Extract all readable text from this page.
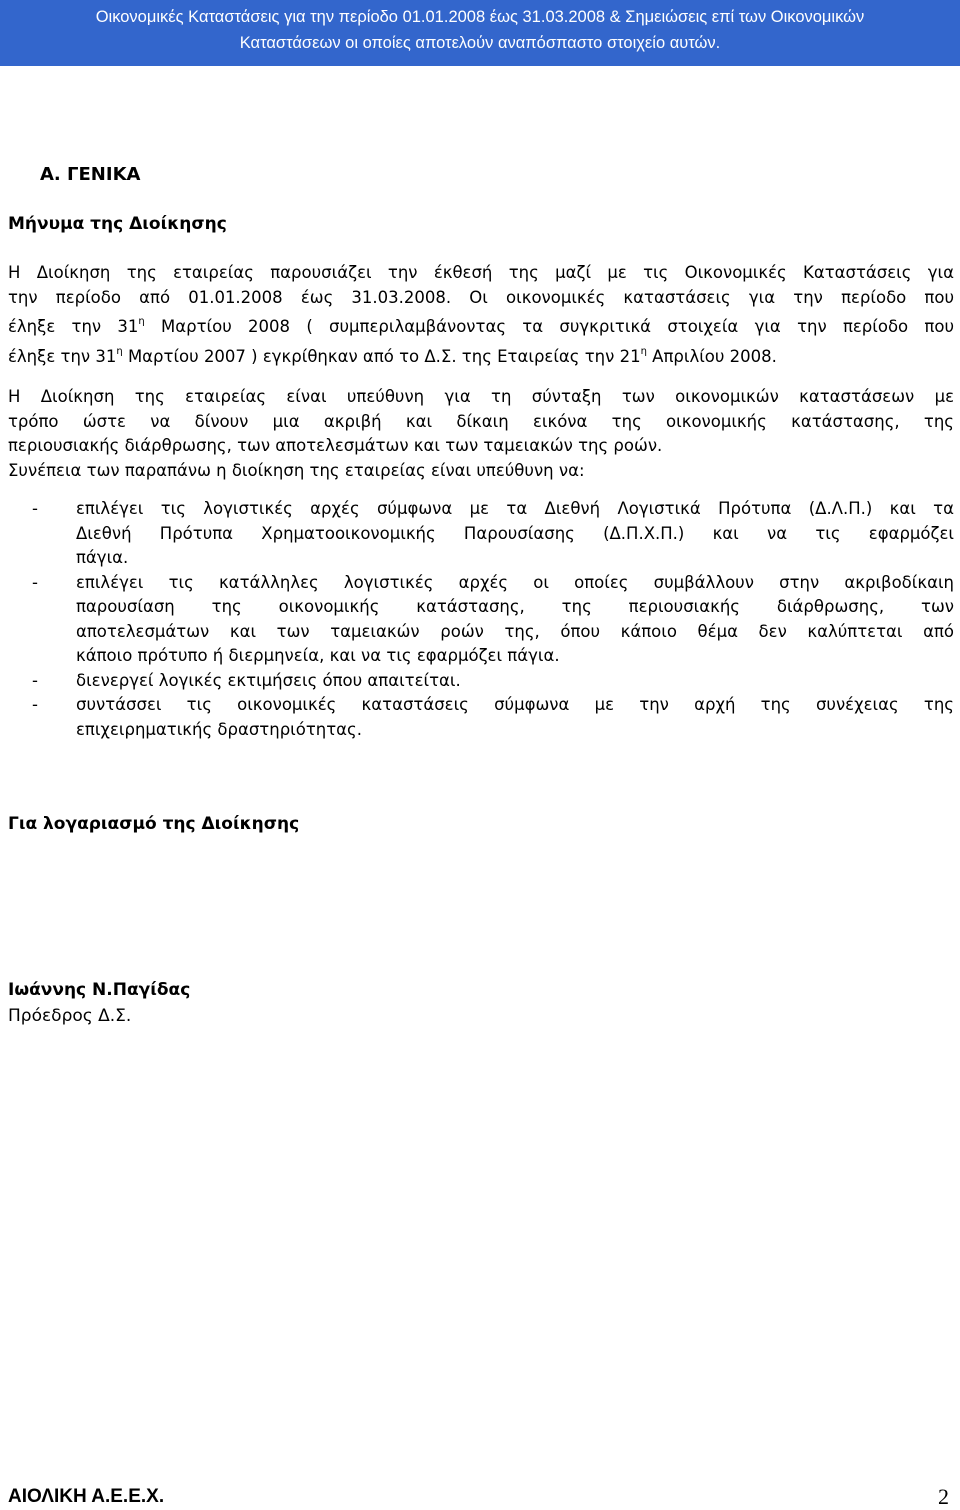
Οικονομικές Καταστάσεις για την περίοδο 01.01.2008 έως 31.03.2008 & Σημειώσεις επί των Οικονομικών
Καταστάσεων οι οποίες αποτελούν αναπόσπαστο στοιχείο αυτών.
Α. ΓΕΝΙΚΑ
Μήνυμα της Διοίκησης
Η Διοίκηση της εταιρείας παρουσιάζει την έκθεσή της μαζί με τις Οικονομικές Καταστάσεις για
την περίοδο από 01.01.2008 έως 31.03.2008. Οι οικονομικές καταστάσεις για την περίοδο που
έληξε την $31^\eta$ Μαρτίου 2008 ( συμπεριλαμβάνοντας τα συγκριτικά στοιχεία για την περίοδο που
έληξε την $31^\eta$ Μαρτίου 2007 ) εγκρίθηκαν από το Δ.Σ. της Εταιρείας την $21^\eta$ Απριλίου 2008.
Η Διοίκηση της εταιρείας είναι υπεύθυνη για τη σύνταξη των οικονομικών καταστάσεων με
τρόπο ώστε να δίνουν μια ακριβή και δίκαιη εικόνα της οικονομικής κατάστασης, της
περιουσιακής διάρθρωσης, των αποτελεσμάτων και των ταμειακών της ροών.
Συνέπεια των παραπάνω η διοίκηση της εταιρείας είναι υπεύθυνη να:
- επιλέγει τις λογιστικές αρχές σύμφωνα με τα Διεθνή Λογιστικά Πρότυπα (Δ.Λ.Π.) και τα
Διεθνή Πρότυπα Χρηματοοικονομικής Παρουσίασης (Δ.Π.Χ.Π.) και να τις εφαρμόζει
πάγια.
- επιλέγει τις κατάλληλες λογιστικές αρχές οι οποίες συμβάλλουν στην ακριβοδίκαιη
παρουσίαση της οικονομικής κατάστασης, της περιουσιακής διάρθρωσης, των
αποτελεσμάτων και των ταμειακών ροών της, όπου κάποιο θέμα δεν καλύπτεται από
κάποιο πρότυπο ή διερμηνεία, και να τις εφαρμόζει πάγια.
- διενεργεί λογικές εκτιμήσεις όπου απαιτείται.
- συντάσσει τις οικονομικές καταστάσεις σύμφωνα με την αρχή της συνέχειας της
επιχειρηματικής δραστηριότητας.
Για λογαριασμό της Διοίκησης
Ιωάννης Ν.Παγίδας
Πρόεδρος Δ.Σ.
ΑΙΟΛΙΚΗ Α.Ε.Ε.Χ.	2
